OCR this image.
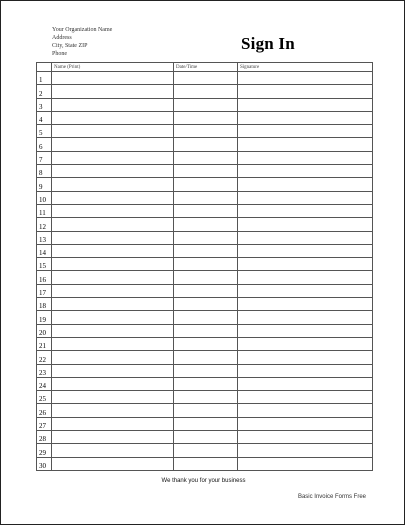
Your Organization Name
Address
City, State ZIP
Phone
Sign In
	Name (Print)	Date/Time	Signature
1			
2			
3			
4			
5			
6			
7			
8			
9			
10			
11			
12			
13			
14			
15			
16			
17			
18			
19			
20			
21			
22			
23			
24			
25			
26			
27			
28			
29			
30			
We thank you for your business
Basic Invoice Forms Free
